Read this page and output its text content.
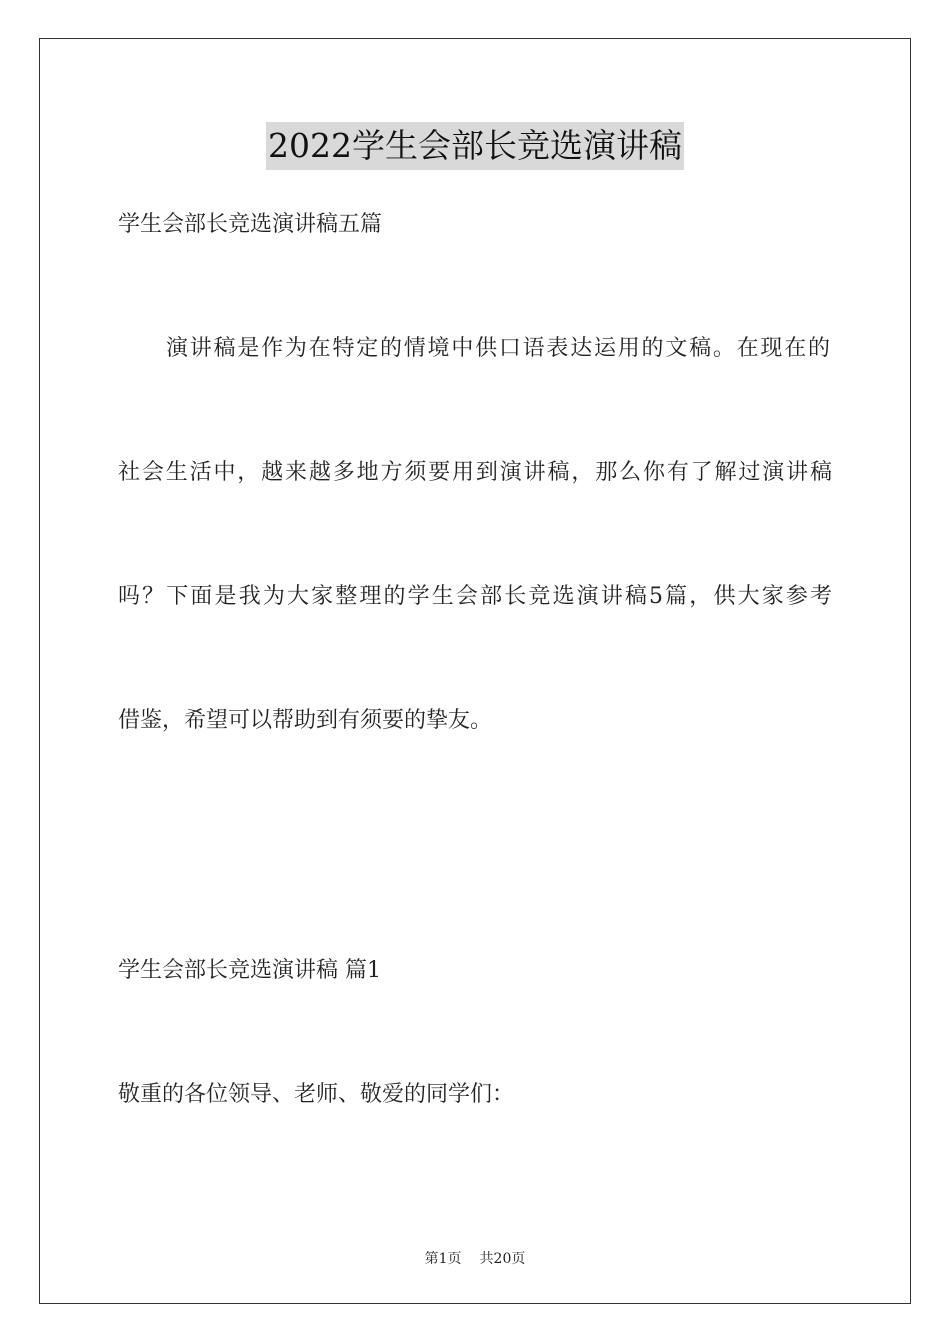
2022学生会部长竞选演讲稿
学生会部长竞选演讲稿五篇
演讲稿是作为在特定的情境中供口语表达运用的文稿。在现在的
社会生活中，越来越多地方须要用到演讲稿，那么你有了解过演讲稿
吗？下面是我为大家整理的学生会部长竞选演讲稿5篇，供大家参考
借鉴，希望可以帮助到有须要的挚友。
学生会部长竞选演讲稿 篇1
敬重的各位领导、老师、敬爱的同学们：
第1页 共20页
